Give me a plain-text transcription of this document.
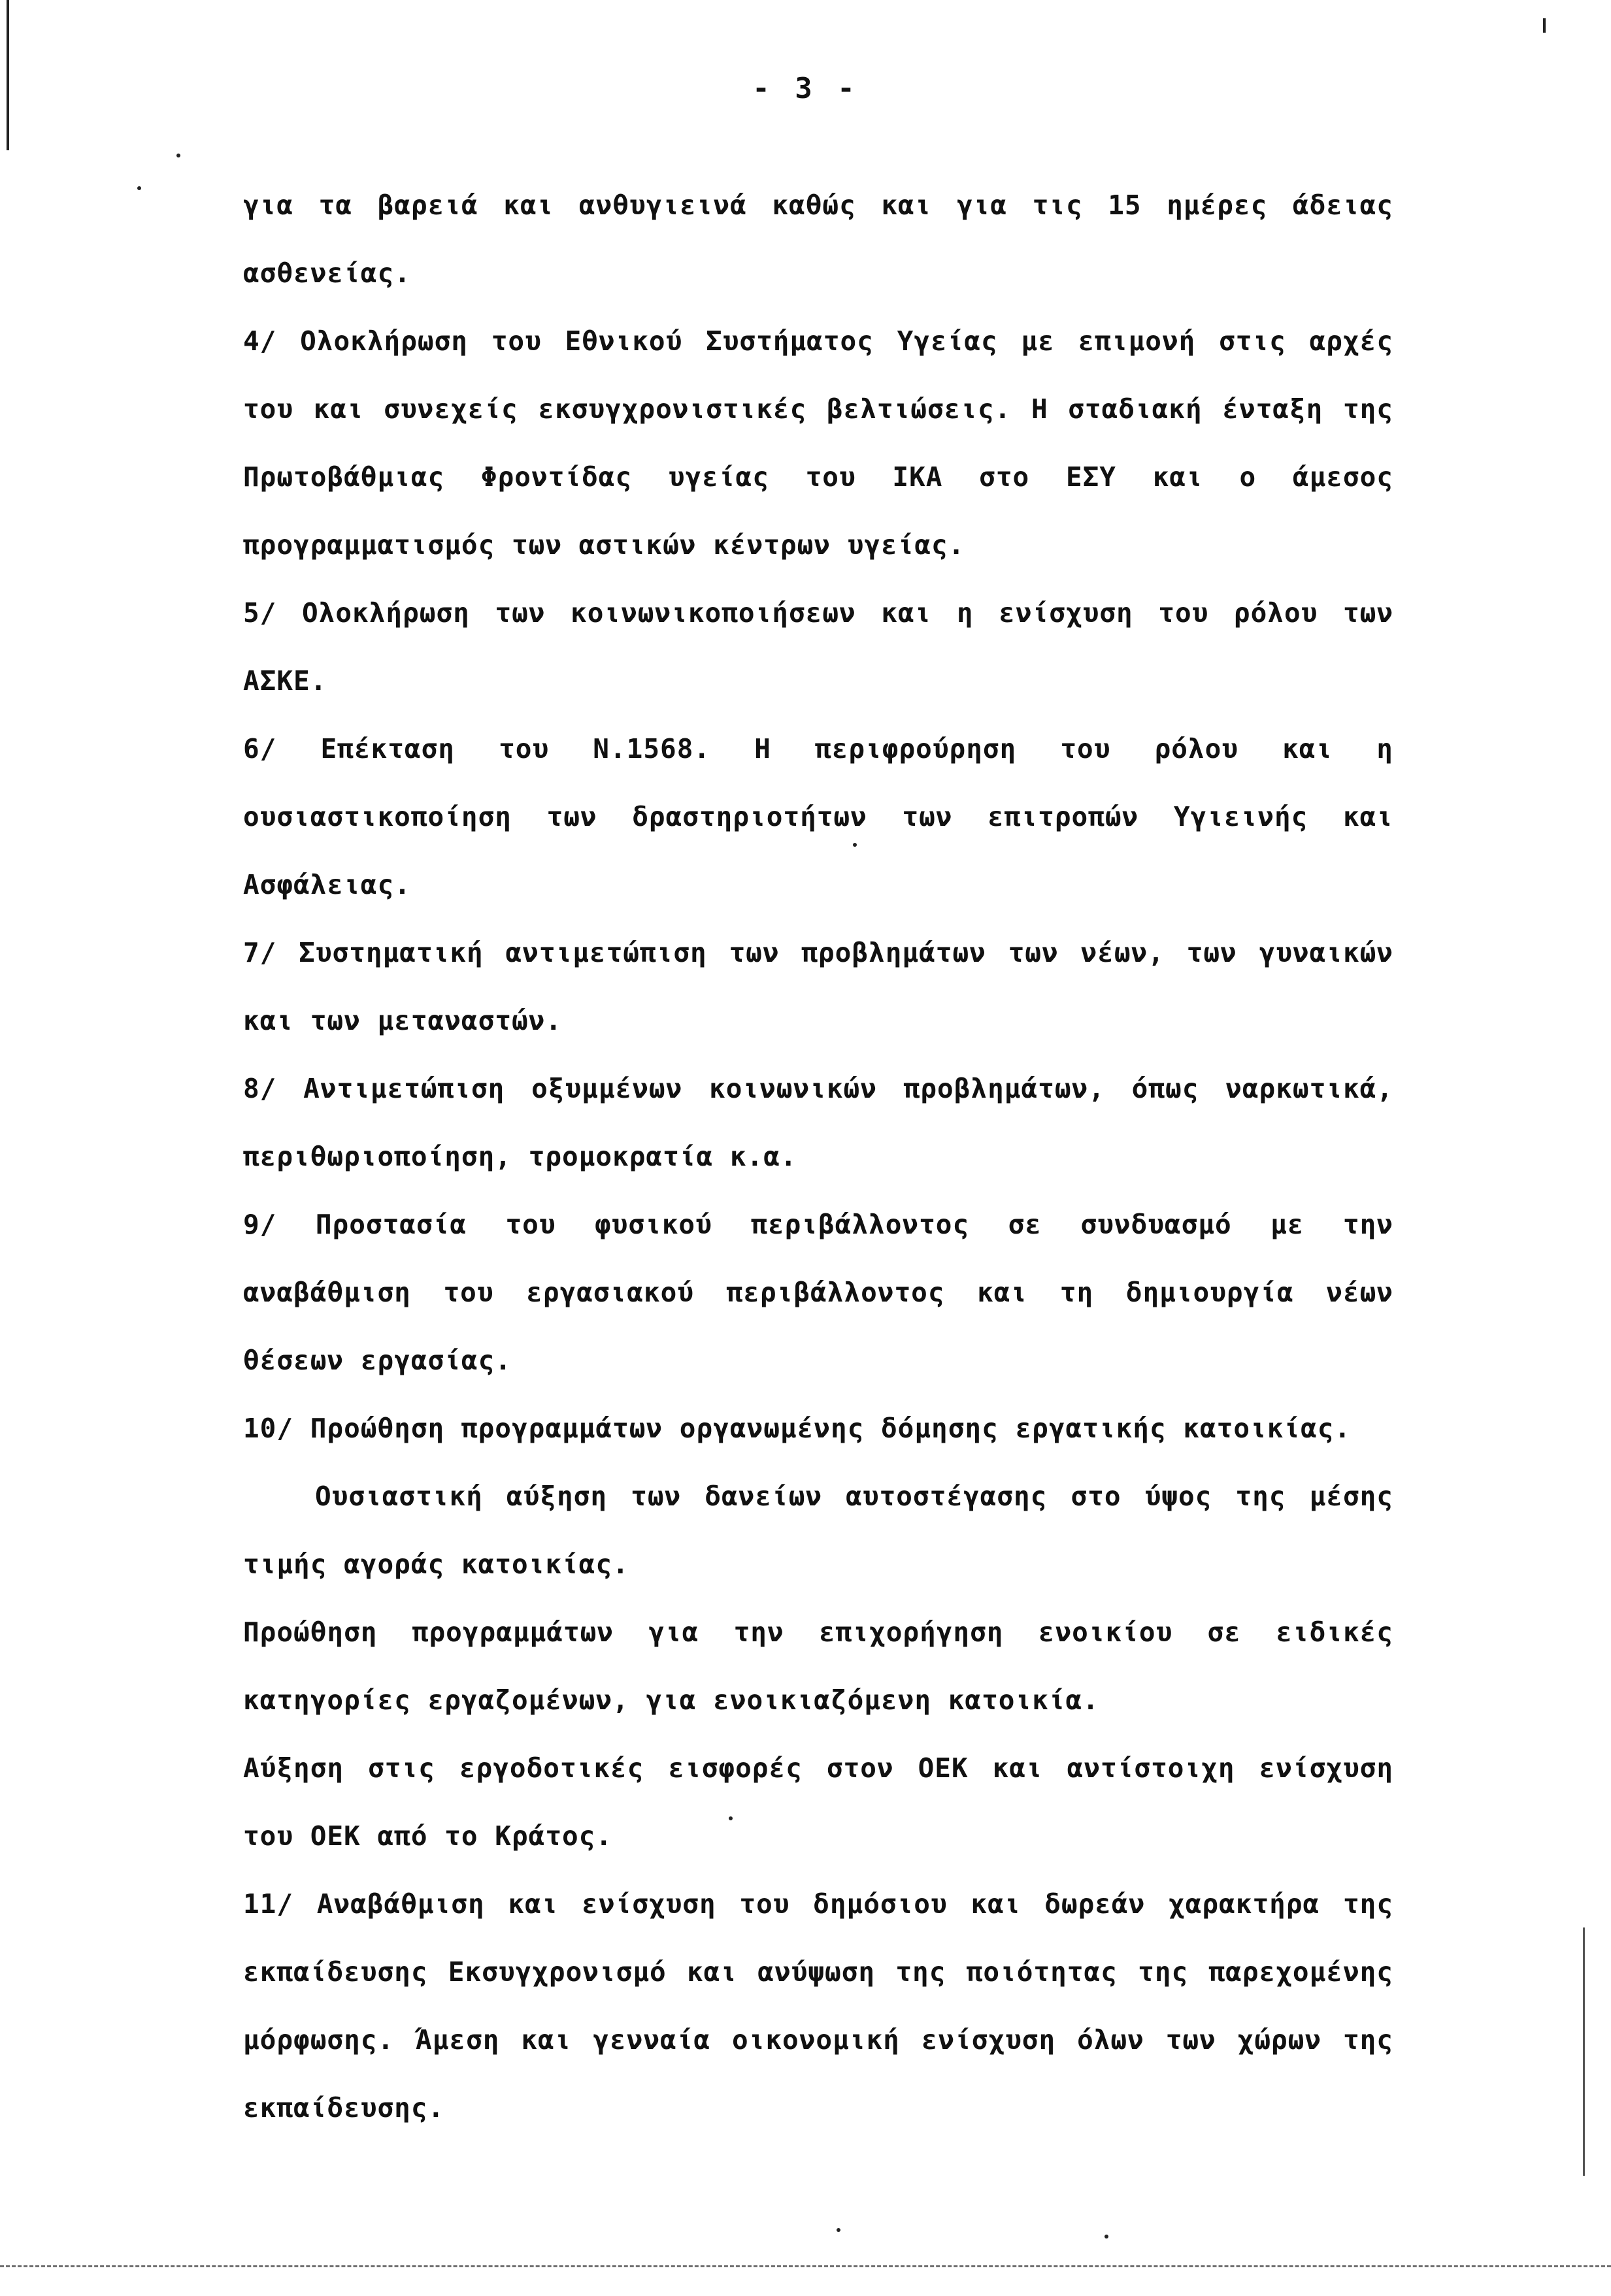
- 3 -

για τα βαρειά και ανθυγιεινά καθώς και για τις 15 ημέρες άδειας ασθενείας.

4/ Ολοκλήρωση του Εθνικού Συστήματος Υγείας με επιμονή στις αρχές του και συνεχείς εκσυγχρονιστικές βελτιώσεις. Η σταδιακή ένταξη της Πρωτοβάθμιας Φροντίδας υγείας του ΙΚΑ στο ΕΣΥ και ο άμεσος προγραμματισμός των αστικών κέντρων υγείας.

5/ Ολοκλήρωση των κοινωνικοποιήσεων και η ενίσχυση του ρόλου των ΑΣΚΕ.

6/ Επέκταση του Ν.1568. Η περιφρούρηση του ρόλου και η ουσιαστικοποίηση των δραστηριοτήτων των επιτροπών Υγιεινής και Ασφάλειας.

7/ Συστηματική αντιμετώπιση των προβλημάτων των νέων, των γυναικών και των μεταναστών.

8/ Αντιμετώπιση οξυμμένων κοινωνικών προβλημάτων, όπως ναρκωτικά, περιθωριοποίηση, τρομοκρατία κ.α.

9/ Προστασία του φυσικού περιβάλλοντος σε συνδυασμό με την αναβάθμιση του εργασιακού περιβάλλοντος και τη δημιουργία νέων θέσεων εργασίας.

10/ Προώθηση προγραμμάτων οργανωμένης δόμησης εργατικής κατοικίας.

Ουσιαστική αύξηση των δανείων αυτοστέγασης στο ύψος της μέσης τιμής αγοράς κατοικίας.

Προώθηση προγραμμάτων για την επιχορήγηση ενοικίου σε ειδικές κατηγορίες εργαζομένων, για ενοικιαζόμενη κατοικία.

Αύξηση στις εργοδοτικές εισφορές στον ΟΕΚ και αντίστοιχη ενίσχυση του ΟΕΚ από το Κράτος.

11/ Αναβάθμιση και ενίσχυση του δημόσιου και δωρεάν χαρακτήρα της εκπαίδευσης Εκσυγχρονισμό και ανύψωση της ποιότητας της παρεχομένης μόρφωσης. Άμεση και γενναία οικονομική ενίσχυση όλων των χώρων της εκπαίδευσης.
